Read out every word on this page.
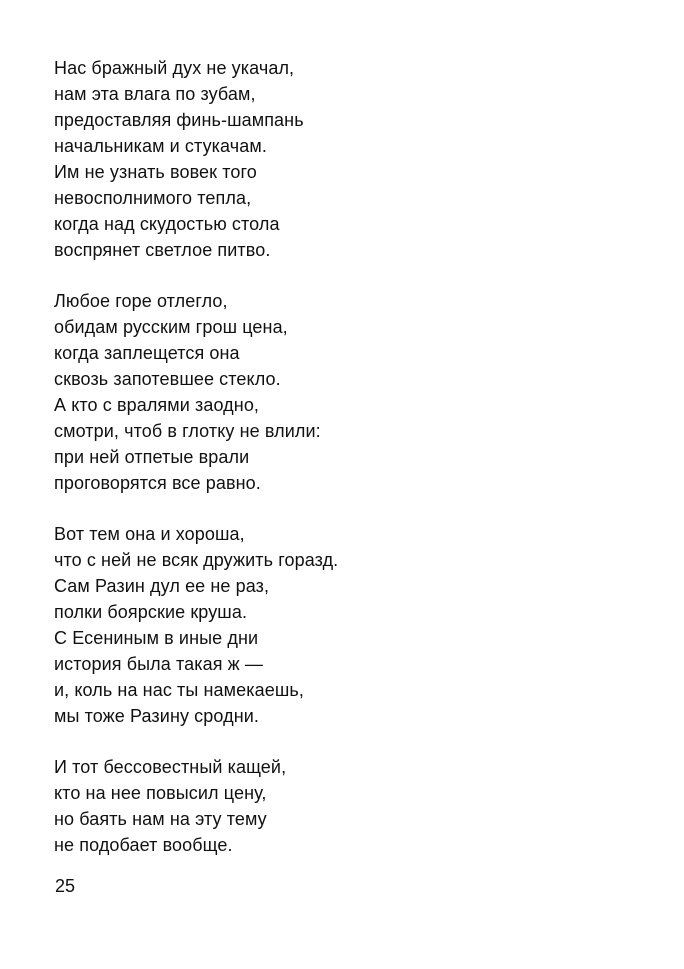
Нас бражный дух не укачал,
нам эта влага по зубам,
предоставляя финь-шампань
начальникам и стукачам.
Им не узнать вовек того
невосполнимого тепла,
когда над скудостью стола
воспрянет светлое питво.
Любое горе отлегло,
обидам русским грош цена,
когда заплещется она
сквозь запотевшее стекло.
А кто с вралями заодно,
смотри, чтоб в глотку не влили:
при ней отпетые врали
проговорятся все равно.
Вот тем она и хороша,
что с ней не всяк дружить горазд.
Сам Разин дул ее не раз,
полки боярские круша.
С Есениным в иные дни
история была такая ж —
и, коль на нас ты намекаешь,
мы тоже Разину сродни.
И тот бессовестный кащей,
кто на нее повысил цену,
но баять нам на эту тему
не подобает вообще.
25
